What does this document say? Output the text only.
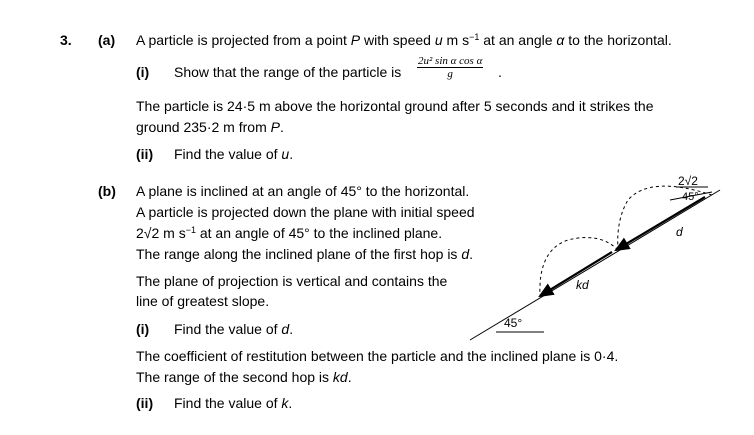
3. (a) A particle is projected from a point P with speed u m $s^{-1}$ at an angle α to the horizontal.
(i) Show that the range of the particle is $\frac{\text{2u² sin α cos α}}{g}$ .
The particle is 24·5 m above the horizontal ground after 5 seconds and it strikes the
ground 235·2 m from P.
(ii) Find the value of u.
(b) A plane is inclined at an angle of 45° to the horizontal.
A particle is projected down the plane with initial speed
2√2 m $s^{-1}$ at an angle of 45° to the inclined plane.
The range along the inclined plane of the first hop is d.
The plane of projection is vertical and contains the
line of greatest slope.
(i) Find the value of d.
The coefficient of restitution between the particle and the inclined plane is 0·4.
The range of the second hop is kd.
(ii) Find the value of k.
2√2
45°
d
kd
45°
